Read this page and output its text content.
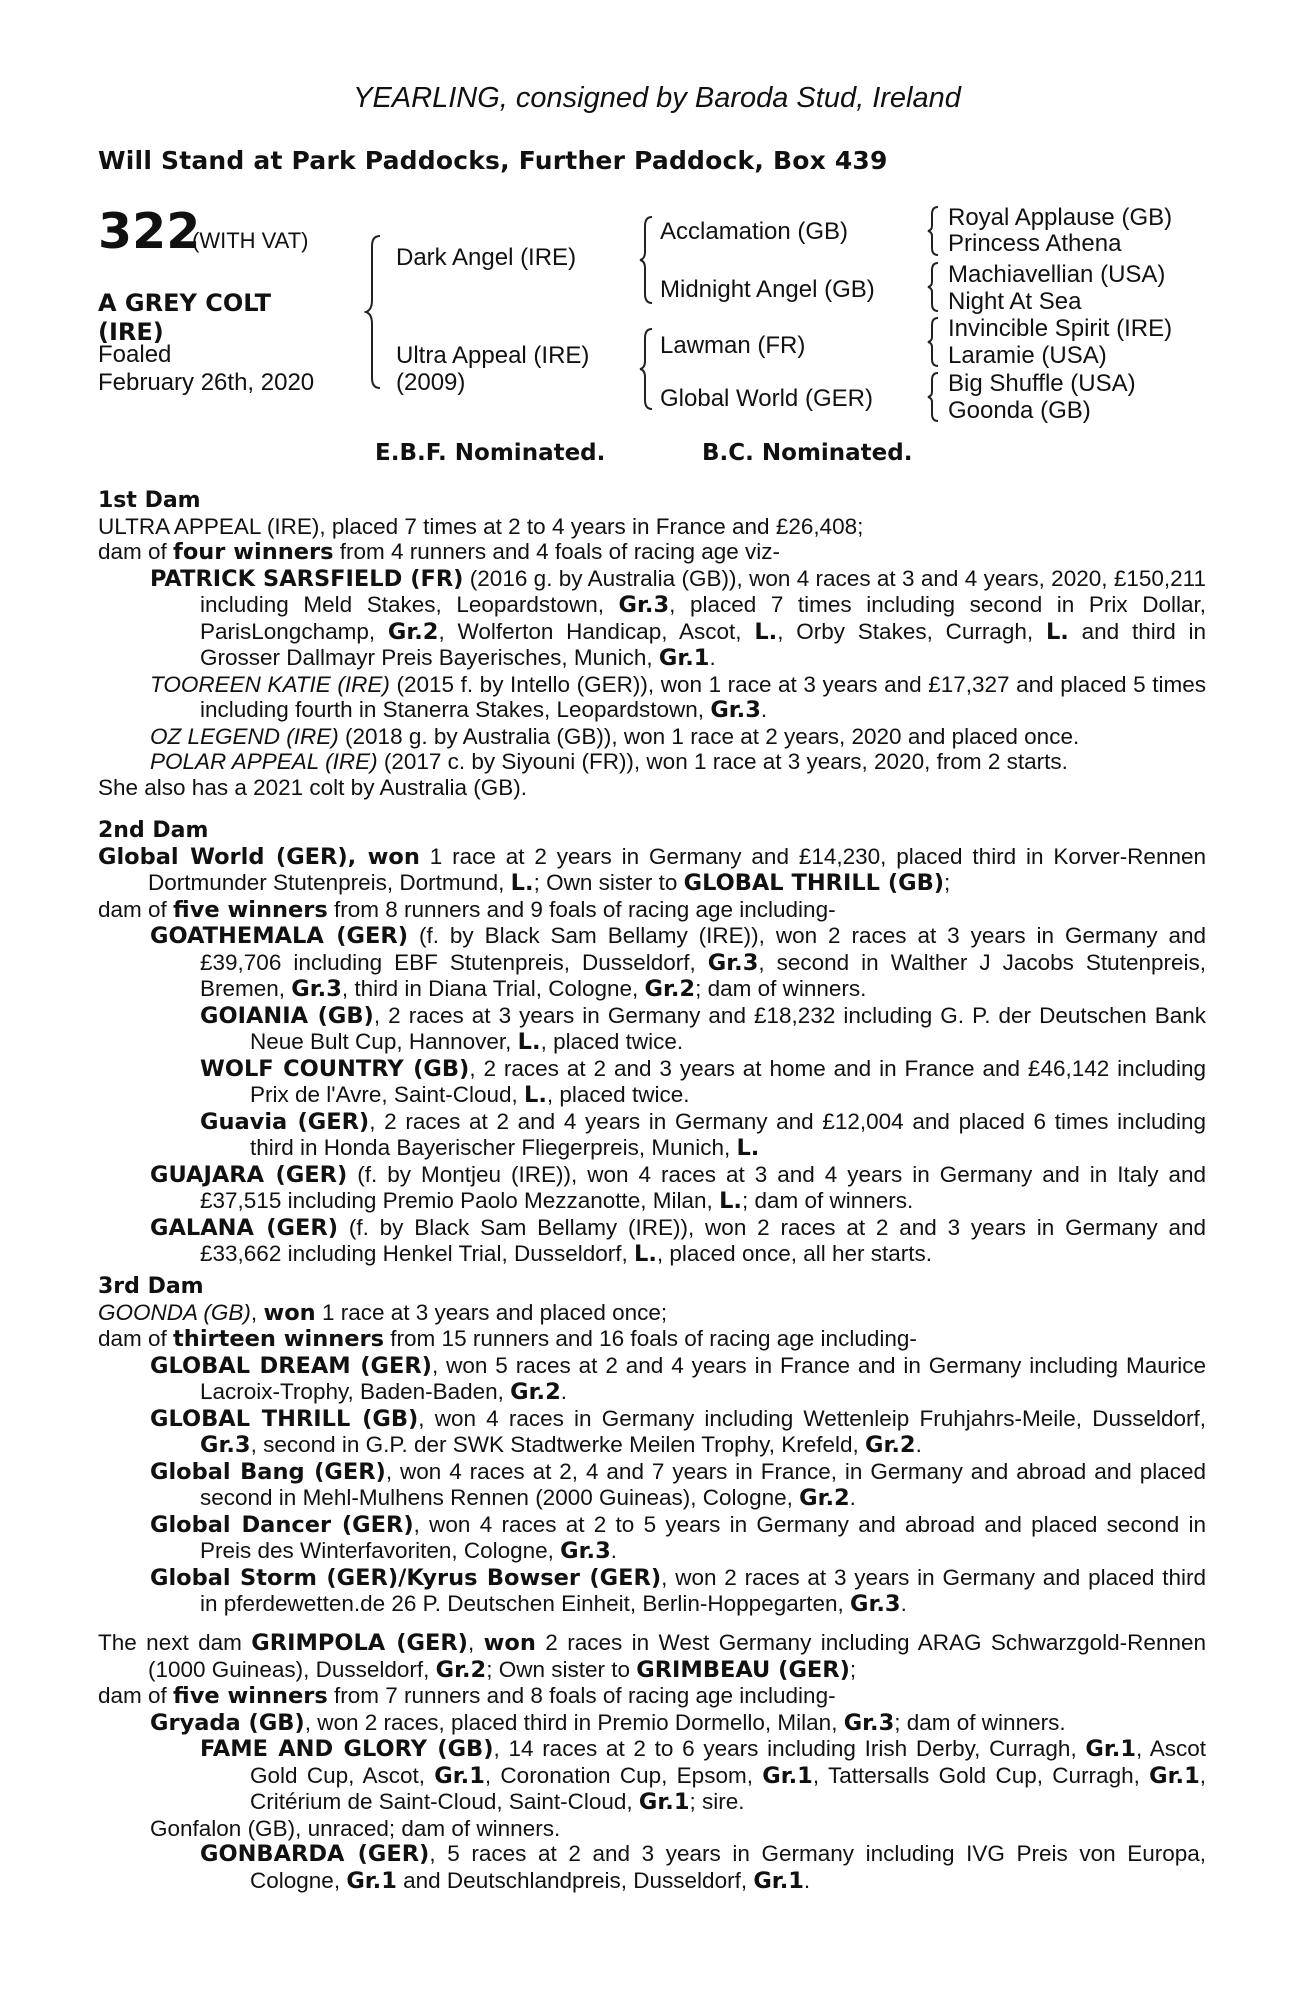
YEARLING, consigned by Baroda Stud, Ireland
Will Stand at Park Paddocks, Further Paddock, Box 439
322
(WITH VAT)
A GREY COLT
(IRE)
Foaled
February 26th, 2020
Dark Angel (IRE)
Ultra Appeal (IRE)
(2009)
Acclamation (GB)
Midnight Angel (GB)
Lawman (FR)
Global World (GER)
Royal Applause (GB)
Princess Athena
Machiavellian (USA)
Night At Sea
Invincible Spirit (IRE)
Laramie (USA)
Big Shuffle (USA)
Goonda (GB)
E.B.F. Nominated.	B.C. Nominated.

1st Dam

ULTRA APPEAL (IRE), placed 7 times at 2 to 4 years in France and £26,408;

dam of four winners from 4 runners and 4 foals of racing age viz-

PATRICK SARSFIELD (FR) (2016 g. by Australia (GB)), won 4 races at 3 and 4 years, 2020, £150,211 including Meld Stakes, Leopardstown, Gr.3, placed 7 times including second in Prix Dollar, ParisLongchamp, Gr.2, Wolferton Handicap, Ascot, L., Orby Stakes, Curragh, L. and third in Grosser Dallmayr Preis Bayerisches, Munich, Gr.1.

TOOREEN KATIE (IRE) (2015 f. by Intello (GER)), won 1 race at 3 years and £17,327 and placed 5 times including fourth in Stanerra Stakes, Leopardstown, Gr.3.

OZ LEGEND (IRE) (2018 g. by Australia (GB)), won 1 race at 2 years, 2020 and placed once.

POLAR APPEAL (IRE) (2017 c. by Siyouni (FR)), won 1 race at 3 years, 2020, from 2 starts.

She also has a 2021 colt by Australia (GB).

2nd Dam

Global World (GER), won 1 race at 2 years in Germany and £14,230, placed third in Korver-Rennen Dortmunder Stutenpreis, Dortmund, L.; Own sister to GLOBAL THRILL (GB);

dam of five winners from 8 runners and 9 foals of racing age including-

GOATHEMALA (GER) (f. by Black Sam Bellamy (IRE)), won 2 races at 3 years in Germany and £39,706 including EBF Stutenpreis, Dusseldorf, Gr.3, second in Walther J Jacobs Stutenpreis, Bremen, Gr.3, third in Diana Trial, Cologne, Gr.2; dam of winners.

GOIANIA (GB), 2 races at 3 years in Germany and £18,232 including G. P. der Deutschen Bank Neue Bult Cup, Hannover, L., placed twice.

WOLF COUNTRY (GB), 2 races at 2 and 3 years at home and in France and £46,142 including Prix de l'Avre, Saint-Cloud, L., placed twice.

Guavia (GER), 2 races at 2 and 4 years in Germany and £12,004 and placed 6 times including third in Honda Bayerischer Fliegerpreis, Munich, L.

GUAJARA (GER) (f. by Montjeu (IRE)), won 4 races at 3 and 4 years in Germany and in Italy and £37,515 including Premio Paolo Mezzanotte, Milan, L.; dam of winners.

GALANA (GER) (f. by Black Sam Bellamy (IRE)), won 2 races at 2 and 3 years in Germany and £33,662 including Henkel Trial, Dusseldorf, L., placed once, all her starts.

3rd Dam

GOONDA (GB), won 1 race at 3 years and placed once;

dam of thirteen winners from 15 runners and 16 foals of racing age including-

GLOBAL DREAM (GER), won 5 races at 2 and 4 years in France and in Germany including Maurice Lacroix-Trophy, Baden-Baden, Gr.2.

GLOBAL THRILL (GB), won 4 races in Germany including Wettenleip Fruhjahrs-Meile, Dusseldorf, Gr.3, second in G.P. der SWK Stadtwerke Meilen Trophy, Krefeld, Gr.2.

Global Bang (GER), won 4 races at 2, 4 and 7 years in France, in Germany and abroad and placed second in Mehl-Mulhens Rennen (2000 Guineas), Cologne, Gr.2.

Global Dancer (GER), won 4 races at 2 to 5 years in Germany and abroad and placed second in Preis des Winterfavoriten, Cologne, Gr.3.

Global Storm (GER)/Kyrus Bowser (GER), won 2 races at 3 years in Germany and placed third in pferdewetten.de 26 P. Deutschen Einheit, Berlin-Hoppegarten, Gr.3.

The next dam GRIMPOLA (GER), won 2 races in West Germany including ARAG Schwarzgold-Rennen (1000 Guineas), Dusseldorf, Gr.2; Own sister to GRIMBEAU (GER);

dam of five winners from 7 runners and 8 foals of racing age including-

Gryada (GB), won 2 races, placed third in Premio Dormello, Milan, Gr.3; dam of winners.

FAME AND GLORY (GB), 14 races at 2 to 6 years including Irish Derby, Curragh, Gr.1, Ascot Gold Cup, Ascot, Gr.1, Coronation Cup, Epsom, Gr.1, Tattersalls Gold Cup, Curragh, Gr.1, Critérium de Saint-Cloud, Saint-Cloud, Gr.1; sire.

Gonfalon (GB), unraced; dam of winners.

GONBARDA (GER), 5 races at 2 and 3 years in Germany including IVG Preis von Europa, Cologne, Gr.1 and Deutschlandpreis, Dusseldorf, Gr.1.
